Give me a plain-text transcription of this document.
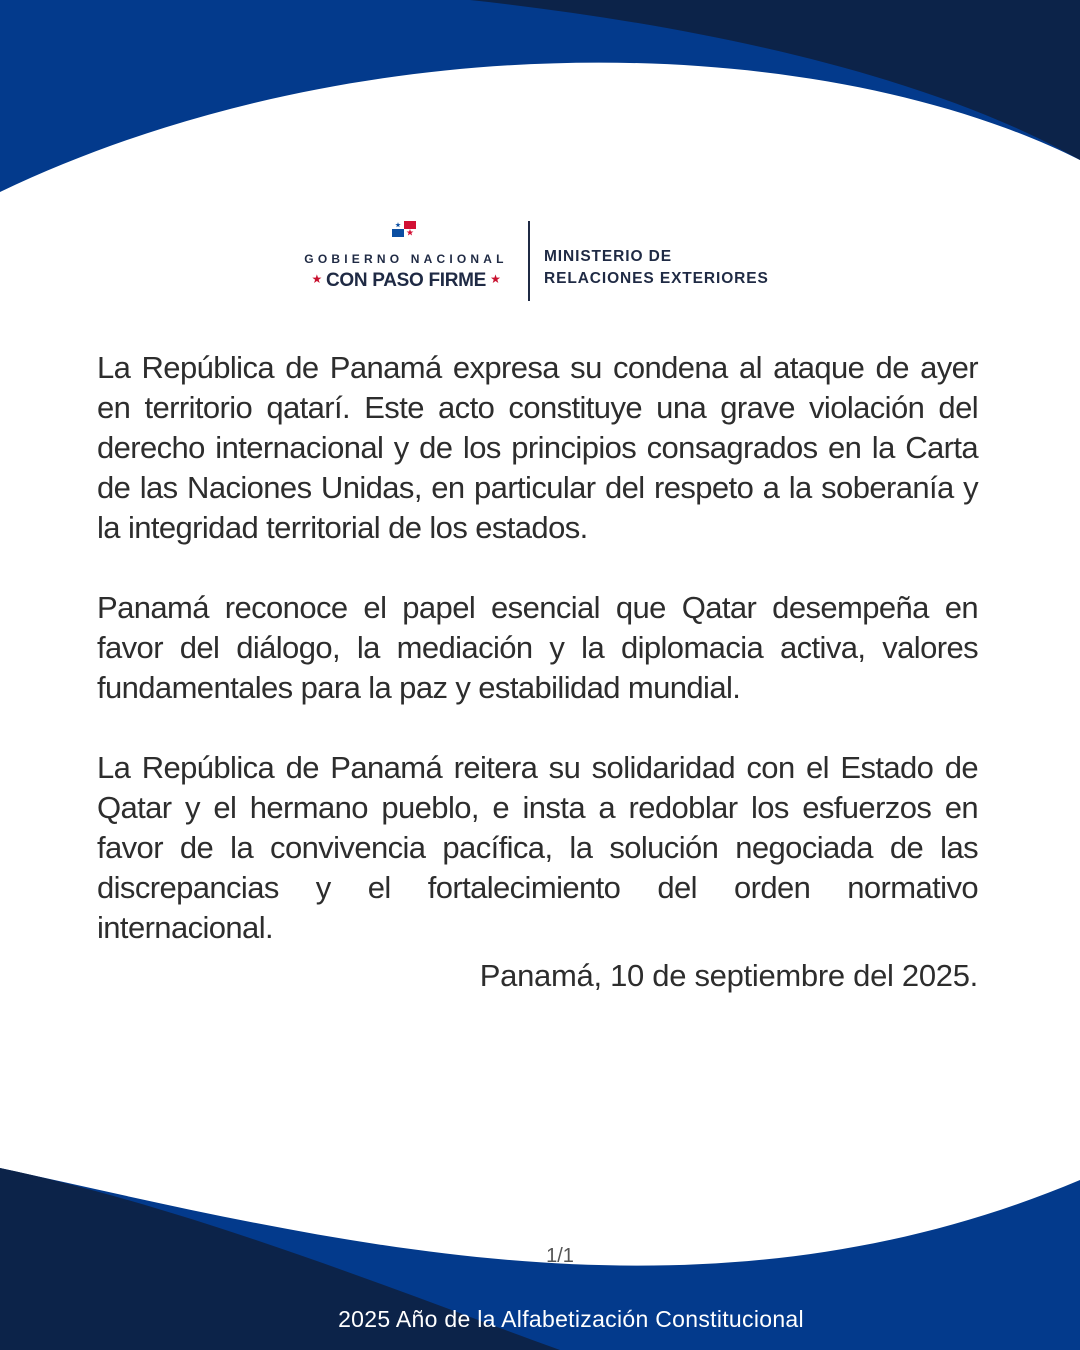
GOBIERNO NACIONAL
★ CON PASO FIRME ★
MINISTERIO DE
RELACIONES EXTERIORES

La República de Panamá expresa su condena al ataque de ayer en territorio qatarí. Este acto constituye una grave violación del derecho internacional y de los principios consagrados en la Carta de las Naciones Unidas, en particular del respeto a la soberanía y la integridad territorial de los estados.

Panamá reconoce el papel esencial que Qatar desempeña en favor del diálogo, la mediación y la diplomacia activa, valores fundamentales para la paz y estabilidad mundial.

La República de Panamá reitera su solidaridad con el Estado de Qatar y el hermano pueblo, e insta a redoblar los esfuerzos en favor de la convivencia pacífica, la solución negociada de las discrepancias y el fortalecimiento del orden normativo internacional.

Panamá, 10 de septiembre del 2025.
1/1
2025 Año de la Alfabetización Constitucional
